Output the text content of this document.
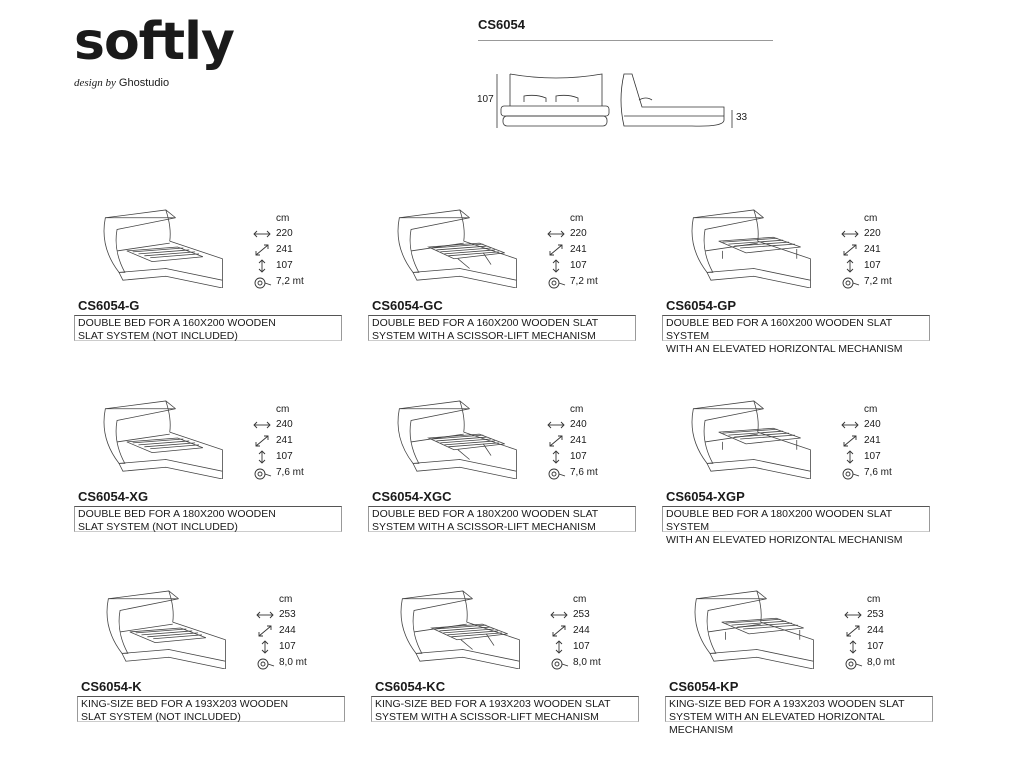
softly
design by Ghostudio
CS6054
107
33
cm
220
241
107
7,2 mt
CS6054-G
DOUBLE BED FOR A 160X200 WOODEN
SLAT SYSTEM (NOT INCLUDED)
cm
220
241
107
7,2 mt
CS6054-GC
DOUBLE BED FOR A 160X200 WOODEN SLAT
SYSTEM WITH A SCISSOR-LIFT MECHANISM
cm
220
241
107
7,2 mt
CS6054-GP
DOUBLE BED FOR A 160X200 WOODEN SLAT SYSTEM
WITH AN ELEVATED HORIZONTAL MECHANISM
cm
240
241
107
7,6 mt
CS6054-XG
DOUBLE BED FOR A 180X200 WOODEN
SLAT SYSTEM (NOT INCLUDED)
cm
240
241
107
7,6 mt
CS6054-XGC
DOUBLE BED FOR A 180X200 WOODEN SLAT
SYSTEM WITH A SCISSOR-LIFT MECHANISM
cm
240
241
107
7,6 mt
CS6054-XGP
DOUBLE BED FOR A 180X200 WOODEN SLAT SYSTEM
WITH AN ELEVATED HORIZONTAL MECHANISM
cm
253
244
107
8,0 mt
CS6054-K
KING-SIZE BED FOR A 193X203 WOODEN
SLAT SYSTEM (NOT INCLUDED)
cm
253
244
107
8,0 mt
CS6054-KC
KING-SIZE BED FOR A 193X203 WOODEN SLAT
SYSTEM WITH A SCISSOR-LIFT MECHANISM
cm
253
244
107
8,0 mt
CS6054-KP
KING-SIZE BED FOR A 193X203 WOODEN SLAT
SYSTEM WITH AN ELEVATED HORIZONTAL MECHANISM
